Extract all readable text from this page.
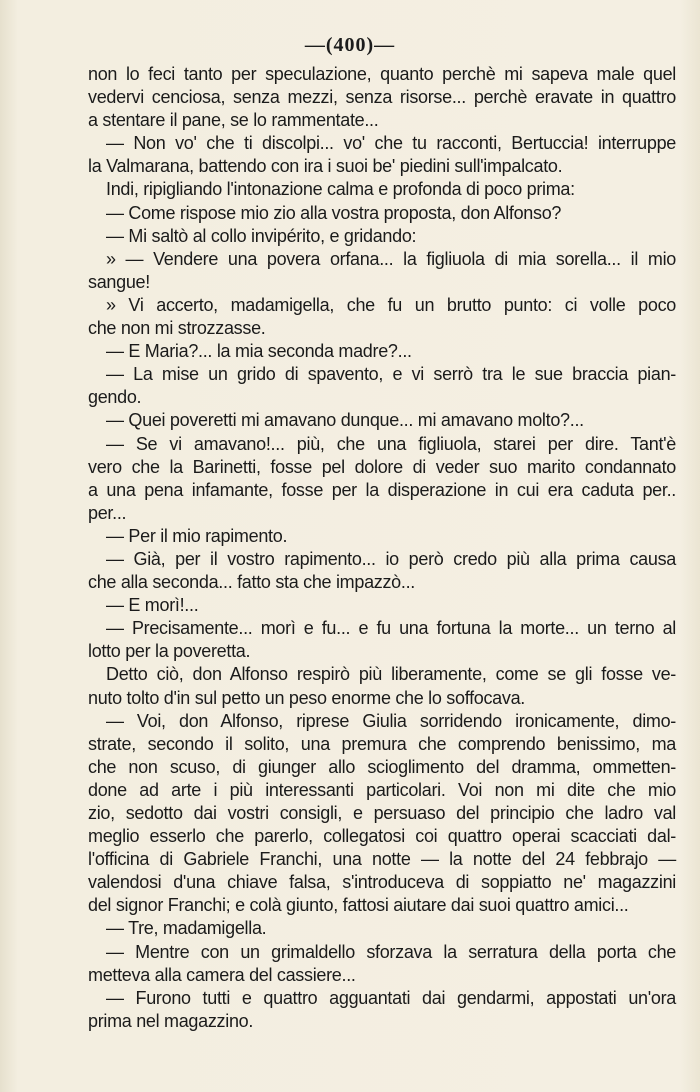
—(400)—
non lo feci tanto per speculazione, quanto perchè mi sapeva male quel
vedervi cenciosa, senza mezzi, senza risorse... perchè eravate in quattro
a stentare il pane, se lo rammentate...
— Non vo' che ti discolpi... vo' che tu racconti, Bertuccia! interruppe
la Valmarana, battendo con ira i suoi be' piedini sull'impalcato.
Indi, ripigliando l'intonazione calma e profonda di poco prima:
— Come rispose mio zio alla vostra proposta, don Alfonso?
— Mi saltò al collo invipérito, e gridando:
» — Vendere una povera orfana... la figliuola di mia sorella... il mio
sangue!
» Vi accerto, madamigella, che fu un brutto punto: ci volle poco
che non mi strozzasse.
— E Maria?... la mia seconda madre?...
— La mise un grido di spavento, e vi serrò tra le sue braccia pian-
gendo.
— Quei poveretti mi amavano dunque... mi amavano molto?...
— Se vi amavano!... più, che una figliuola, starei per dire. Tant'è
vero che la Barinetti, fosse pel dolore di veder suo marito condannato
a una pena infamante, fosse per la disperazione in cui era caduta per..
per...
— Per il mio rapimento.
— Già, per il vostro rapimento... io però credo più alla prima causa
che alla seconda... fatto sta che impazzò...
— E morì!...
— Precisamente... morì e fu... e fu una fortuna la morte... un terno al
lotto per la poveretta.
Detto ciò, don Alfonso respirò più liberamente, come se gli fosse ve-
nuto tolto d'in sul petto un peso enorme che lo soffocava.
— Voi, don Alfonso, riprese Giulia sorridendo ironicamente, dimo-
strate, secondo il solito, una premura che comprendo benissimo, ma
che non scuso, di giunger allo scioglimento del dramma, ommetten-
done ad arte i più interessanti particolari. Voi non mi dite che mio
zio, sedotto dai vostri consigli, e persuaso del principio che ladro val
meglio esserlo che parerlo, collegatosi coi quattro operai scacciati dal-
l'officina di Gabriele Franchi, una notte — la notte del 24 febbrajo —
valendosi d'una chiave falsa, s'introduceva di soppiatto ne' magazzini
del signor Franchi; e colà giunto, fattosi aiutare dai suoi quattro amici...
— Tre, madamigella.
— Mentre con un grimaldello sforzava la serratura della porta che
metteva alla camera del cassiere...
— Furono tutti e quattro agguantati dai gendarmi, appostati un'ora
prima nel magazzino.
